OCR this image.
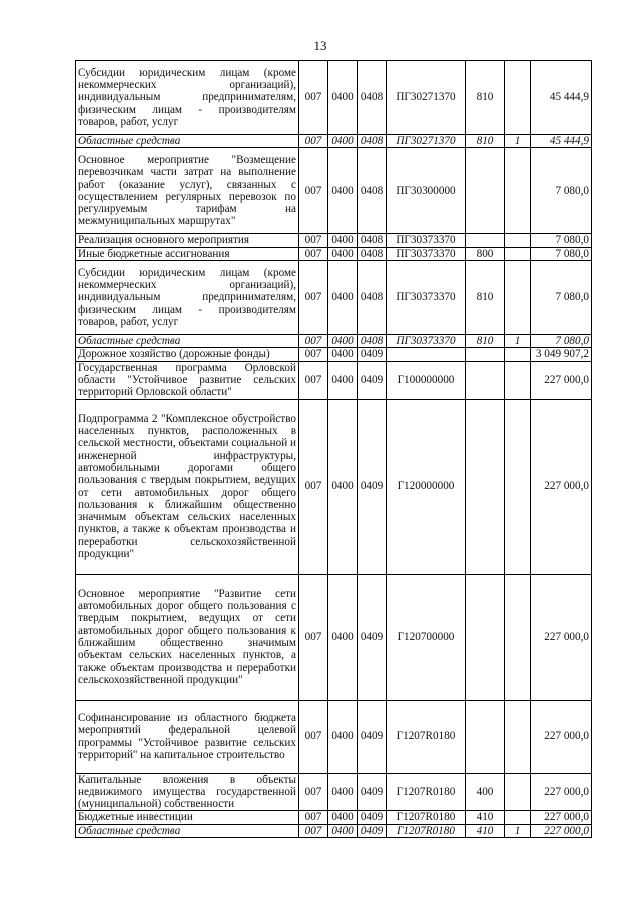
13
Субсидии юридическим лицам (кроме некоммерческих организаций), индивидуальным предпринимателям, физическим лицам - производителям товаров, работ, услуг	007	0400	0408	ПГ30271370	810		45 444,9
Областные средства	007	0400	0408	ПГ30271370	810	1	45 444,9
Основное мероприятие "Возмещение перевозчикам части затрат на выполнение работ (оказание услуг), связанных с осуществлением регулярных перевозок по регулируемым тарифам на межмуниципальных маршрутах"	007	0400	0408	ПГ30300000			7 080,0
Реализация основного мероприятия	007	0400	0408	ПГ30373370			7 080,0
Иные бюджетные ассигнования	007	0400	0408	ПГ30373370	800		7 080,0
Субсидии юридическим лицам (кроме некоммерческих организаций), индивидуальным предпринимателям, физическим лицам - производителям товаров, работ, услуг	007	0400	0408	ПГ30373370	810		7 080,0
Областные средства	007	0400	0408	ПГ30373370	810	1	7 080,0
Дорожное хозяйство (дорожные фонды)	007	0400	0409				3 049 907,2
Государственная программа Орловской области "Устойчивое развитие сельских территорий Орловской области"	007	0400	0409	Г100000000			227 000,0
Подпрограмма 2 "Комплексное обустройство населенных пунктов, расположенных в сельской местности, объектами социальной и инженерной инфраструктуры, автомобильными дорогами общего пользования с твердым покрытием, ведущих от сети автомобильных дорог общего пользования к ближайшим общественно значимым объектам сельских населенных пунктов, а также к объектам производства и переработки сельскохозяйственной продукции"	007	0400	0409	Г120000000			227 000,0
Основное мероприятие "Развитие сети автомобильных дорог общего пользования с твердым покрытием, ведущих от сети автомобильных дорог общего пользования к ближайшим общественно значимым объектам сельских населенных пунктов, а также объектам производства и переработки сельскохозяйственной продукции"	007	0400	0409	Г120700000			227 000,0
Софинансирование из областного бюджета мероприятий федеральной целевой программы "Устойчивое развитие сельских территорий" на капитальное строительство	007	0400	0409	Г1207R0180			227 000,0
Капитальные вложения в объекты недвижимого имущества государственной (муниципальной) собственности	007	0400	0409	Г1207R0180	400		227 000,0
Бюджетные инвестиции	007	0400	0409	Г1207R0180	410		227 000,0
Областные средства	007	0400	0409	Г1207R0180	410	1	227 000,0
